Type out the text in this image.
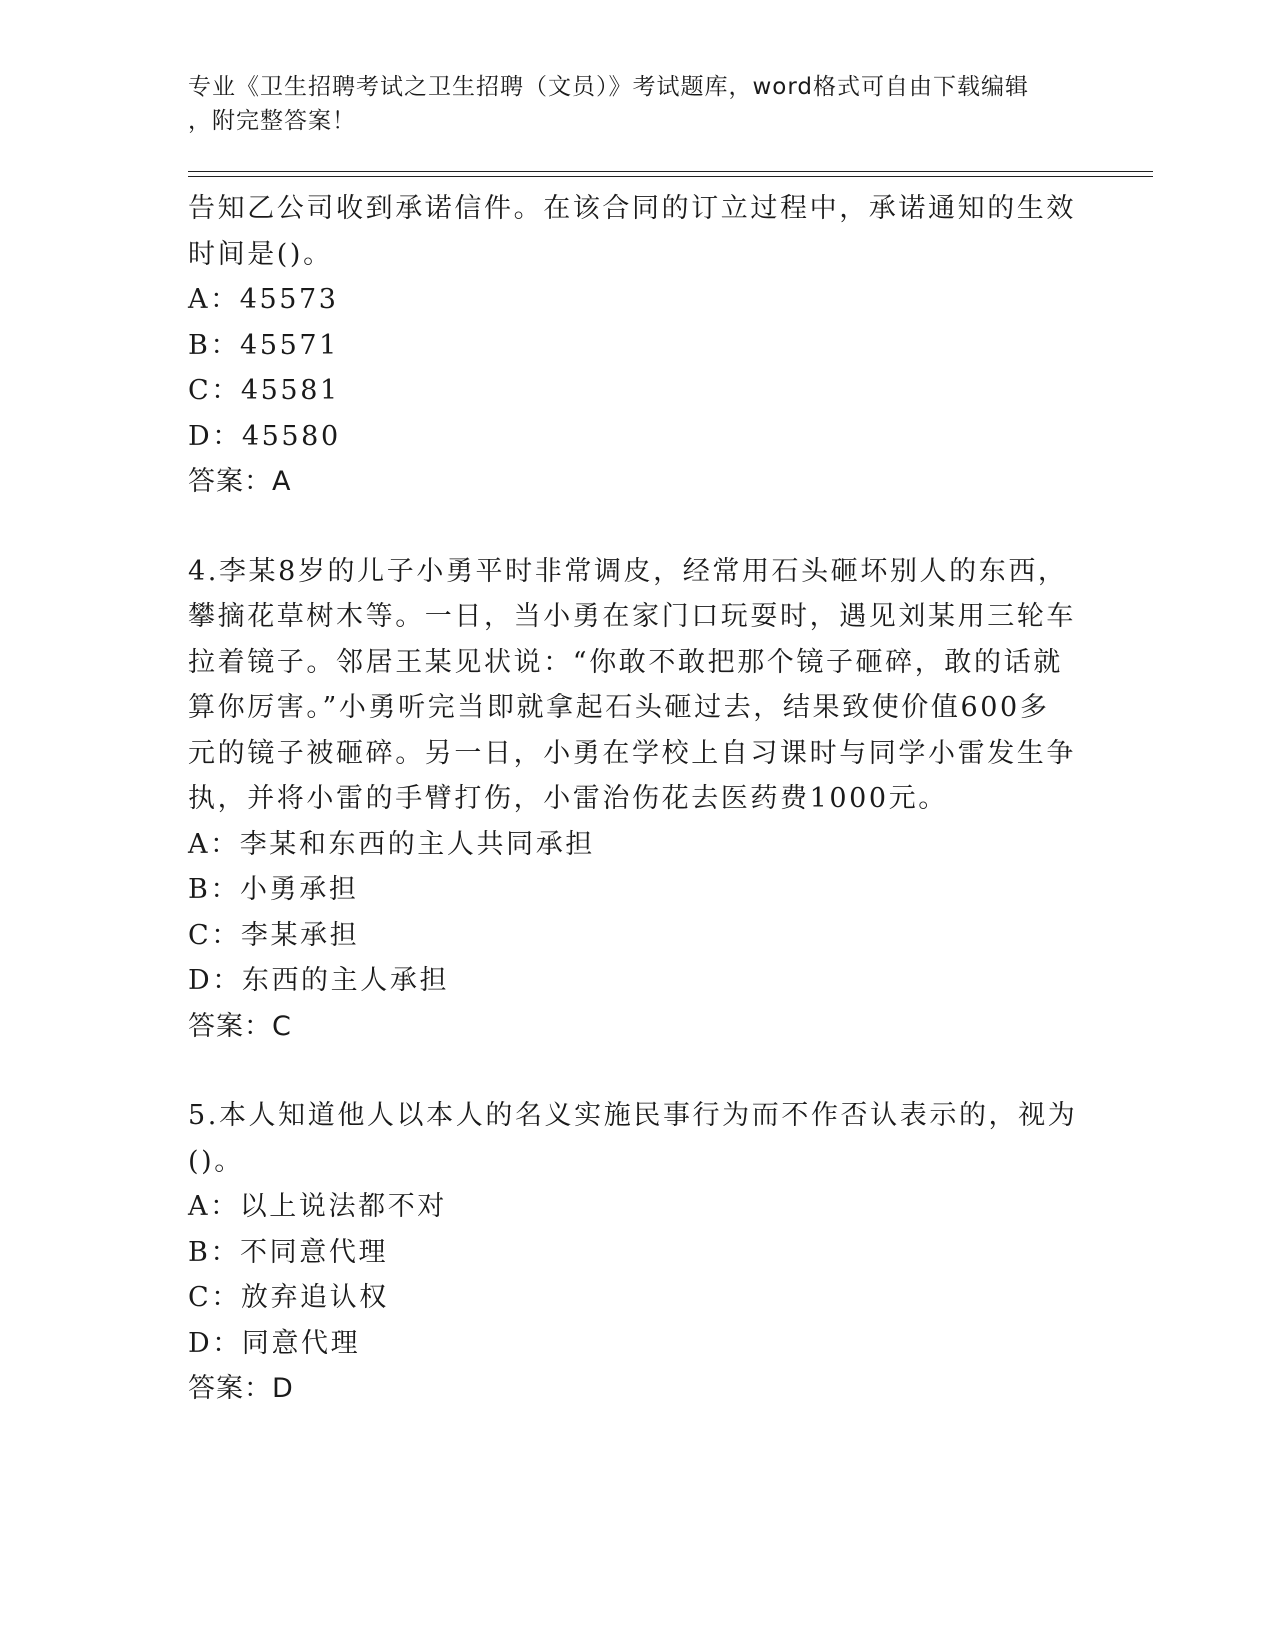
专业《卫生招聘考试之卫生招聘（文员）》考试题库，word格式可自由下载编辑
，附完整答案！
告知乙公司收到承诺信件。在该合同的订立过程中，承诺通知的生效
时间是()。
A：45573
B：45571
C：45581
D：45580
答案：A
4.李某8岁的儿子小勇平时非常调皮，经常用石头砸坏别人的东西，
攀摘花草树木等。一日，当小勇在家门口玩耍时，遇见刘某用三轮车
拉着镜子。邻居王某见状说：“你敢不敢把那个镜子砸碎，敢的话就
算你厉害。”小勇听完当即就拿起石头砸过去，结果致使价值600多
元的镜子被砸碎。另一日，小勇在学校上自习课时与同学小雷发生争
执，并将小雷的手臂打伤，小雷治伤花去医药费1000元。
A：李某和东西的主人共同承担
B：小勇承担
C：李某承担
D：东西的主人承担
答案：C
5.本人知道他人以本人的名义实施民事行为而不作否认表示的，视为
()。
A：以上说法都不对
B：不同意代理
C：放弃追认权
D：同意代理
答案：D
